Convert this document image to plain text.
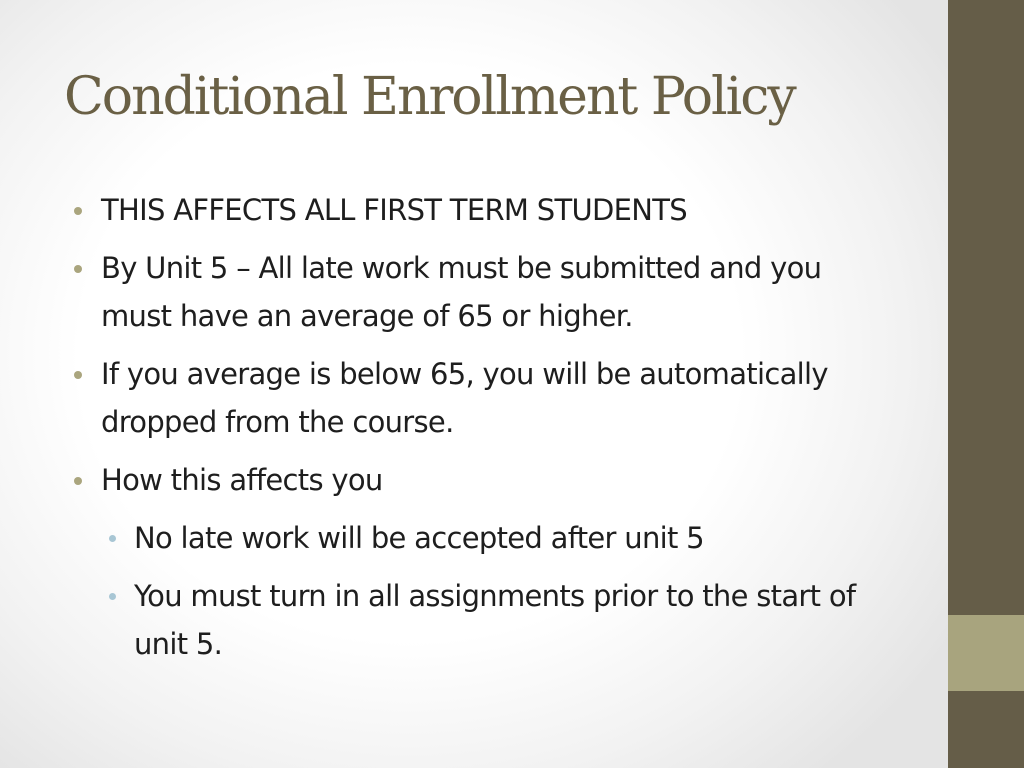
Conditional Enrollment Policy
THIS AFFECTS ALL FIRST TERM STUDENTS
By Unit 5 – All late work must be submitted and you must have an average of 65 or higher.
If you average is below 65, you will be automatically dropped from the course.
How this affects you
No late work will be accepted after unit 5
You must turn in all assignments prior to the start of unit 5.
